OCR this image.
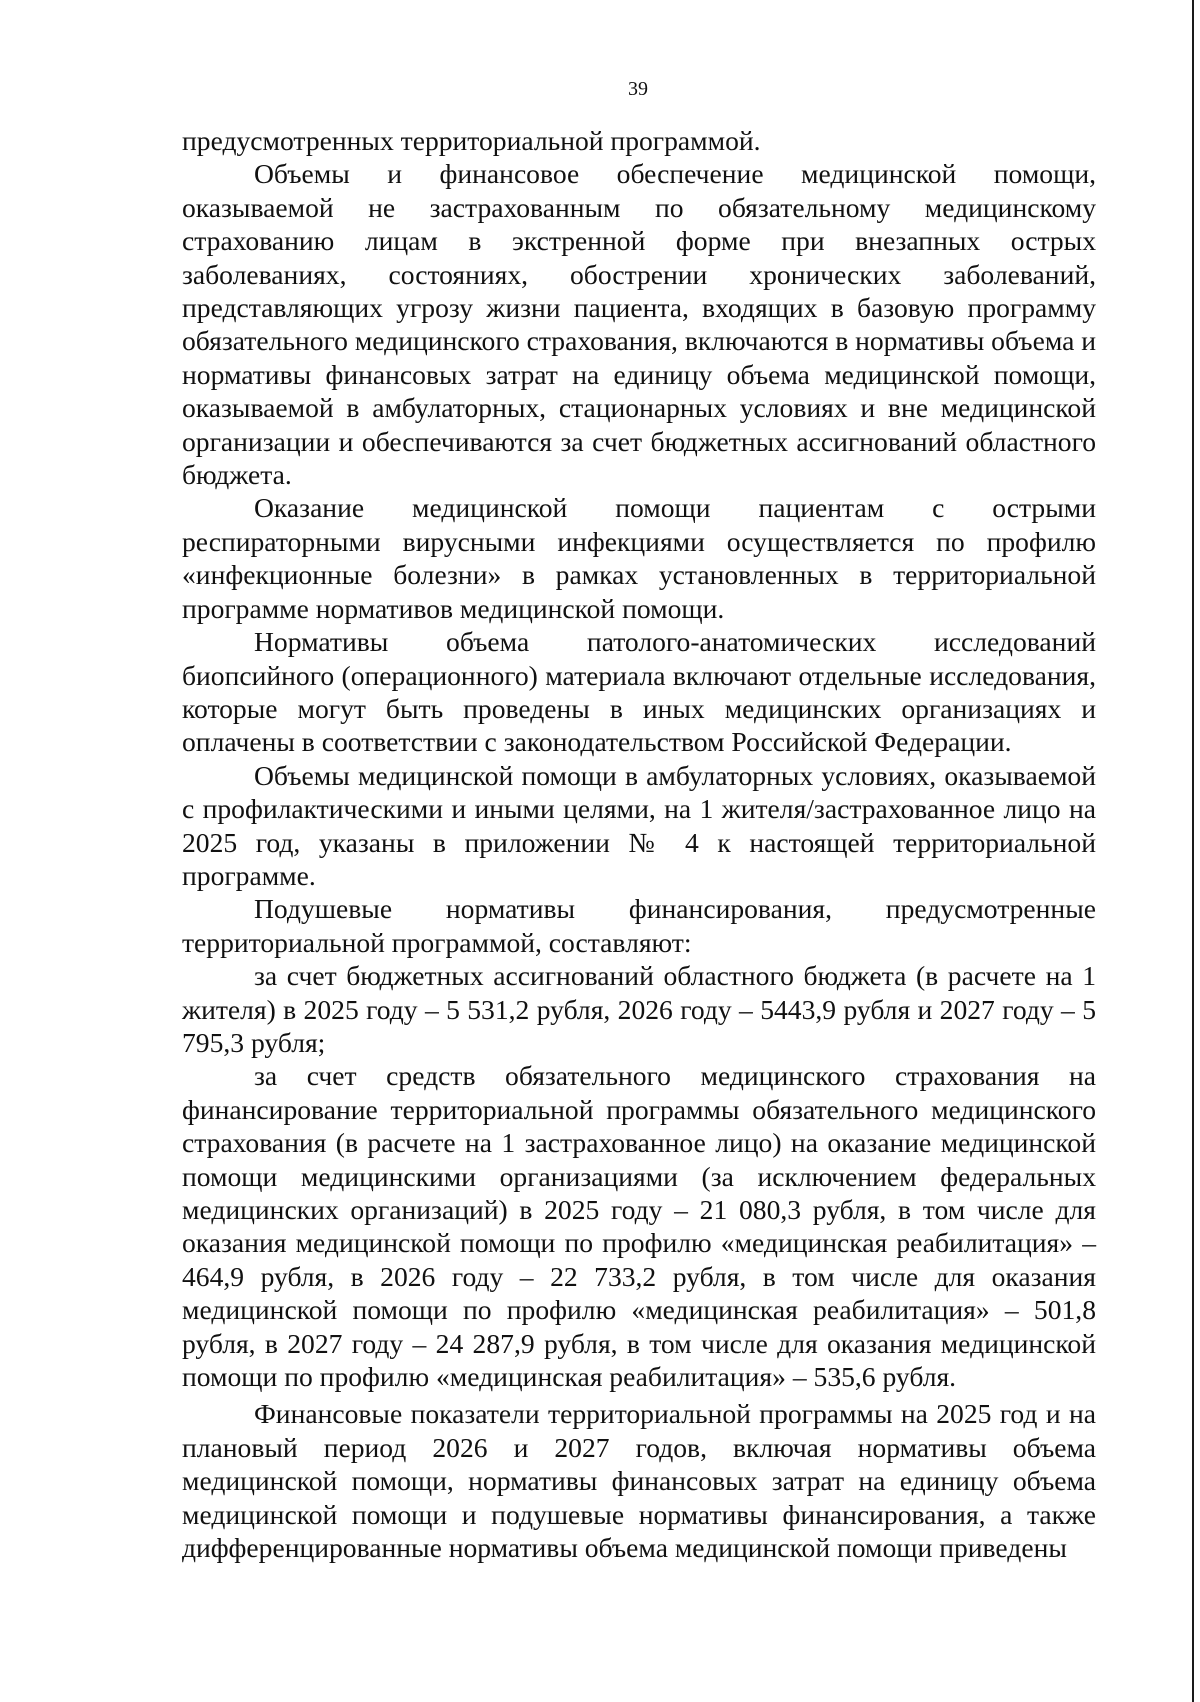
39

предусмотренных территориальной программой.

Объемы и финансовое обеспечение медицинской помощи, оказываемой не застрахованным по обязательному медицинскому страхованию лицам в экстренной форме при внезапных острых заболеваниях, состояниях, обострении хронических заболеваний, представляющих угрозу жизни пациента, входящих в базовую программу обязательного медицинского страхования, включаются в нормативы объема и нормативы финансовых затрат на единицу объема медицинской помощи, оказываемой в амбулаторных, стационарных условиях и вне медицинской организации и обеспечиваются за счет бюджетных ассигнований областного бюджета.

Оказание медицинской помощи пациентам с острыми респираторными вирусными инфекциями осуществляется по профилю «инфекционные болезни» в рамках установленных в территориальной программе нормативов медицинской помощи.

Нормативы объема патолого-анатомических исследований биопсийного (операционного) материала включают отдельные исследования, которые могут быть проведены в иных медицинских организациях и оплачены в соответствии с законодательством Российской Федерации.

Объемы медицинской помощи в амбулаторных условиях, оказываемой с профилактическими и иными целями, на 1 жителя/застрахованное лицо на 2025 год, указаны в приложении № 4 к настоящей территориальной программе.

Подушевые нормативы финансирования, предусмотренные территориальной программой, составляют:

за счет бюджетных ассигнований областного бюджета (в расчете на 1 жителя) в 2025 году – 5 531,2 рубля, 2026 году – 5443,9 рубля и 2027 году – 5 795,3 рубля;

за счет средств обязательного медицинского страхования на финансирование территориальной программы обязательного медицинского страхования (в расчете на 1 застрахованное лицо) на оказание медицинской помощи медицинскими организациями (за исключением федеральных медицинских организаций) в 2025 году – 21 080,3 рубля, в том числе для оказания медицинской помощи по профилю «медицинская реабилитация» – 464,9 рубля, в 2026 году – 22 733,2 рубля, в том числе для оказания медицинской помощи по профилю «медицинская реабилитация» – 501,8 рубля, в 2027 году – 24 287,9 рубля, в том числе для оказания медицинской помощи по профилю «медицинская реабилитация» – 535,6 рубля.

Финансовые показатели территориальной программы на 2025 год и на плановый период 2026 и 2027 годов, включая нормативы объема медицинской помощи, нормативы финансовых затрат на единицу объема медицинской помощи и подушевые нормативы финансирования, а также дифференцированные нормативы объема медицинской помощи приведены
